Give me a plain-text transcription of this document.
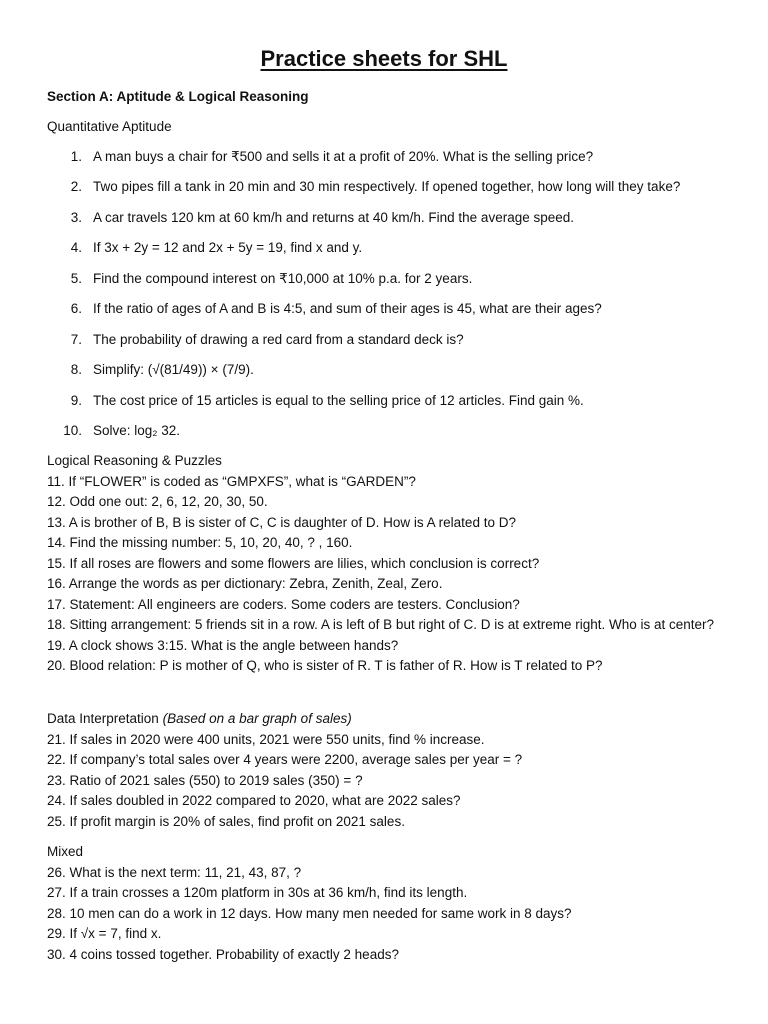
Practice sheets for SHL
Section A: Aptitude & Logical Reasoning
Quantitative Aptitude
1. A man buys a chair for ₹500 and sells it at a profit of 20%. What is the selling price?
2. Two pipes fill a tank in 20 min and 30 min respectively. If opened together, how long will they take?
3. A car travels 120 km at 60 km/h and returns at 40 km/h. Find the average speed.
4. If 3x + 2y = 12 and 2x + 5y = 19, find x and y.
5. Find the compound interest on ₹10,000 at 10% p.a. for 2 years.
6. If the ratio of ages of A and B is 4:5, and sum of their ages is 45, what are their ages?
7. The probability of drawing a red card from a standard deck is?
8. Simplify: (√(81/49)) × (7/9).
9. The cost price of 15 articles is equal to the selling price of 12 articles. Find gain %.
10. Solve: log₂ 32.
Logical Reasoning & Puzzles
11. If “FLOWER” is coded as “GMPXFS”, what is “GARDEN”?
12. Odd one out: 2, 6, 12, 20, 30, 50.
13. A is brother of B, B is sister of C, C is daughter of D. How is A related to D?
14. Find the missing number: 5, 10, 20, 40, ? , 160.
15. If all roses are flowers and some flowers are lilies, which conclusion is correct?
16. Arrange the words as per dictionary: Zebra, Zenith, Zeal, Zero.
17. Statement: All engineers are coders. Some coders are testers. Conclusion?
18. Sitting arrangement: 5 friends sit in a row. A is left of B but right of C. D is at extreme right. Who is at center?
19. A clock shows 3:15. What is the angle between hands?
20. Blood relation: P is mother of Q, who is sister of R. T is father of R. How is T related to P?
Data Interpretation (Based on a bar graph of sales)
21. If sales in 2020 were 400 units, 2021 were 550 units, find % increase.
22. If company’s total sales over 4 years were 2200, average sales per year = ?
23. Ratio of 2021 sales (550) to 2019 sales (350) = ?
24. If sales doubled in 2022 compared to 2020, what are 2022 sales?
25. If profit margin is 20% of sales, find profit on 2021 sales.
Mixed
26. What is the next term: 11, 21, 43, 87, ?
27. If a train crosses a 120m platform in 30s at 36 km/h, find its length.
28. 10 men can do a work in 12 days. How many men needed for same work in 8 days?
29. If √x = 7, find x.
30. 4 coins tossed together. Probability of exactly 2 heads?
